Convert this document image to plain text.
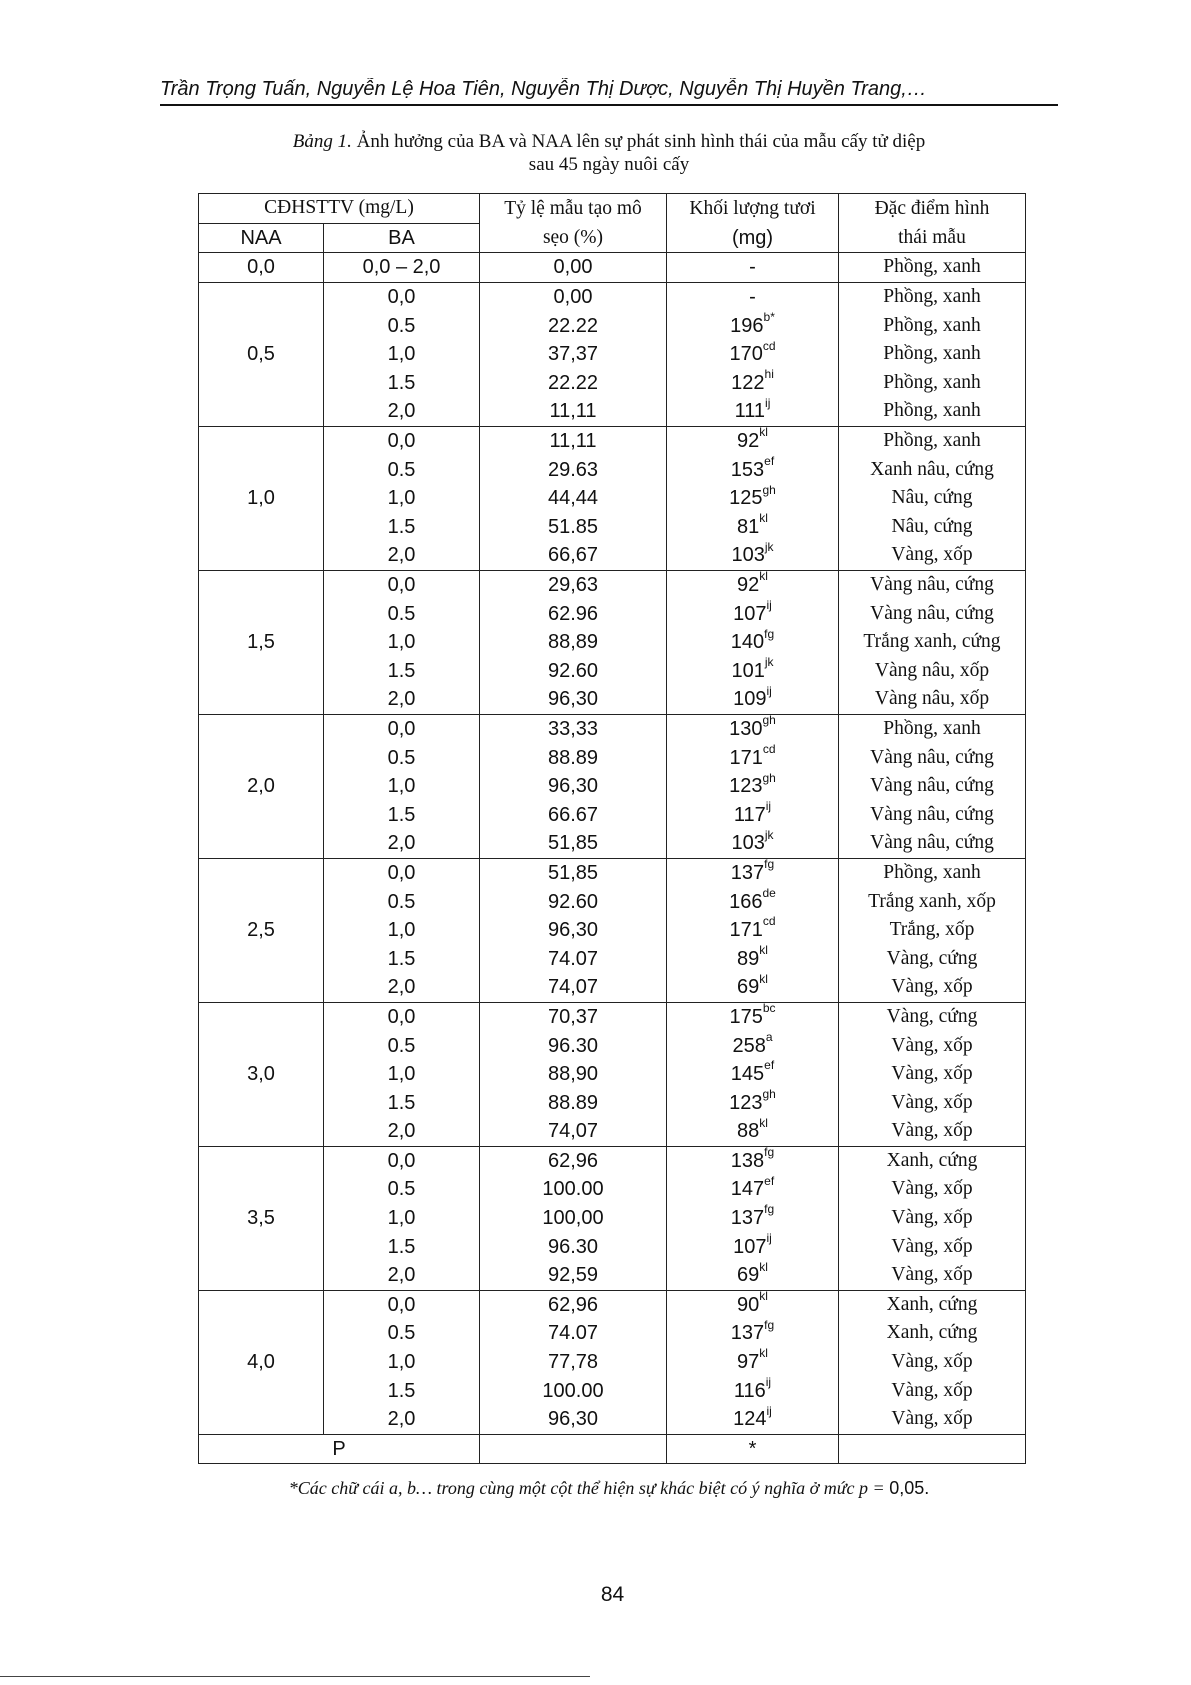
Trần Trọng Tuấn, Nguyễn Lệ Hoa Tiên, Nguyễn Thị Dược, Nguyễn Thị Huyền Trang,…
Bảng 1. Ảnh hưởng của BA và NAA lên sự phát sinh hình thái của mẫu cấy tử diệp
sau 45 ngày nuôi cấy
CĐHSTTV (mg/L)		Tỷ lệ mẫu tạo mô	Khối lượng tươi	Đặc điểm hình
NAA	BA	sẹo (%)	(mg)	thái mẫu
0,0	0,0 – 2,0	0,00	-	Phồng, xanh
0,5	0,0	0,00	-	Phồng, xanh
	0.5	22.22	$196^{b*}$	Phồng, xanh
	1,0	37,37	$170^{cd}$	Phồng, xanh
	1.5	22.22	$122^{hi}$	Phồng, xanh
	2,0	11,11	$111^{ij}$	Phồng, xanh
1,0	0,0	11,11	$92^{kl}$	Phồng, xanh
	0.5	29.63	$153^{ef}$	Xanh nâu, cứng
	1,0	44,44	$125^{gh}$	Nâu, cứng
	1.5	51.85	$81^{kl}$	Nâu, cứng
	2,0	66,67	$103^{jk}$	Vàng, xốp
1,5	0,0	29,63	$92^{kl}$	Vàng nâu, cứng
	0.5	62.96	$107^{ij}$	Vàng nâu, cứng
	1,0	88,89	$140^{fg}$	Trắng xanh, cứng
	1.5	92.60	$101^{jk}$	Vàng nâu, xốp
	2,0	96,30	$109^{ij}$	Vàng nâu, xốp
2,0	0,0	33,33	$130^{gh}$	Phồng, xanh
	0.5	88.89	$171^{cd}$	Vàng nâu, cứng
	1,0	96,30	$123^{gh}$	Vàng nâu, cứng
	1.5	66.67	$117^{ij}$	Vàng nâu, cứng
	2,0	51,85	$103^{jk}$	Vàng nâu, cứng
2,5	0,0	51,85	$137^{fg}$	Phồng, xanh
	0.5	92.60	166de	Trắng xanh, xốp
	1,0	96,30	$171^{cd}$	Trắng, xốp
	1.5	74.07	$89^{kl}$	Vàng, cứng
	2,0	74,07	$69^{kl}$	Vàng, xốp
3,0	0,0	70,37	$175^{bc}$	Vàng, cứng
	0.5	96.30	258$^a$	Vàng, xốp
	1,0	88,90	$145^{ef}$	Vàng, xốp
	1.5	88.89	$123^{gh}$	Vàng, xốp
	2,0	74,07	$88^{kl}$	Vàng, xốp
3,5	0,0	62,96	$138^{fg}$	Xanh, cứng
	0.5	100.00	$147^{ef}$	Vàng, xốp
	1,0	100,00	$137^{fg}$	Vàng, xốp
	1.5	96.30	$107^{ij}$	Vàng, xốp
	2,0	92,59	$69^{kl}$	Vàng, xốp
4,0	0,0	62,96	$90^{kl}$	Xanh, cứng
	0.5	74.07	$137^{fg}$	Xanh, cứng
	1,0	77,78	$97^{kl}$	Vàng, xốp
	1.5	100.00	$116^{ij}$	Vàng, xốp
	2,0	96,30	$124^{ij}$	Vàng, xốp
P			*	
*Các chữ cái a, b… trong cùng một cột thể hiện sự khác biệt có ý nghĩa ở mức p = 0,05.
84
